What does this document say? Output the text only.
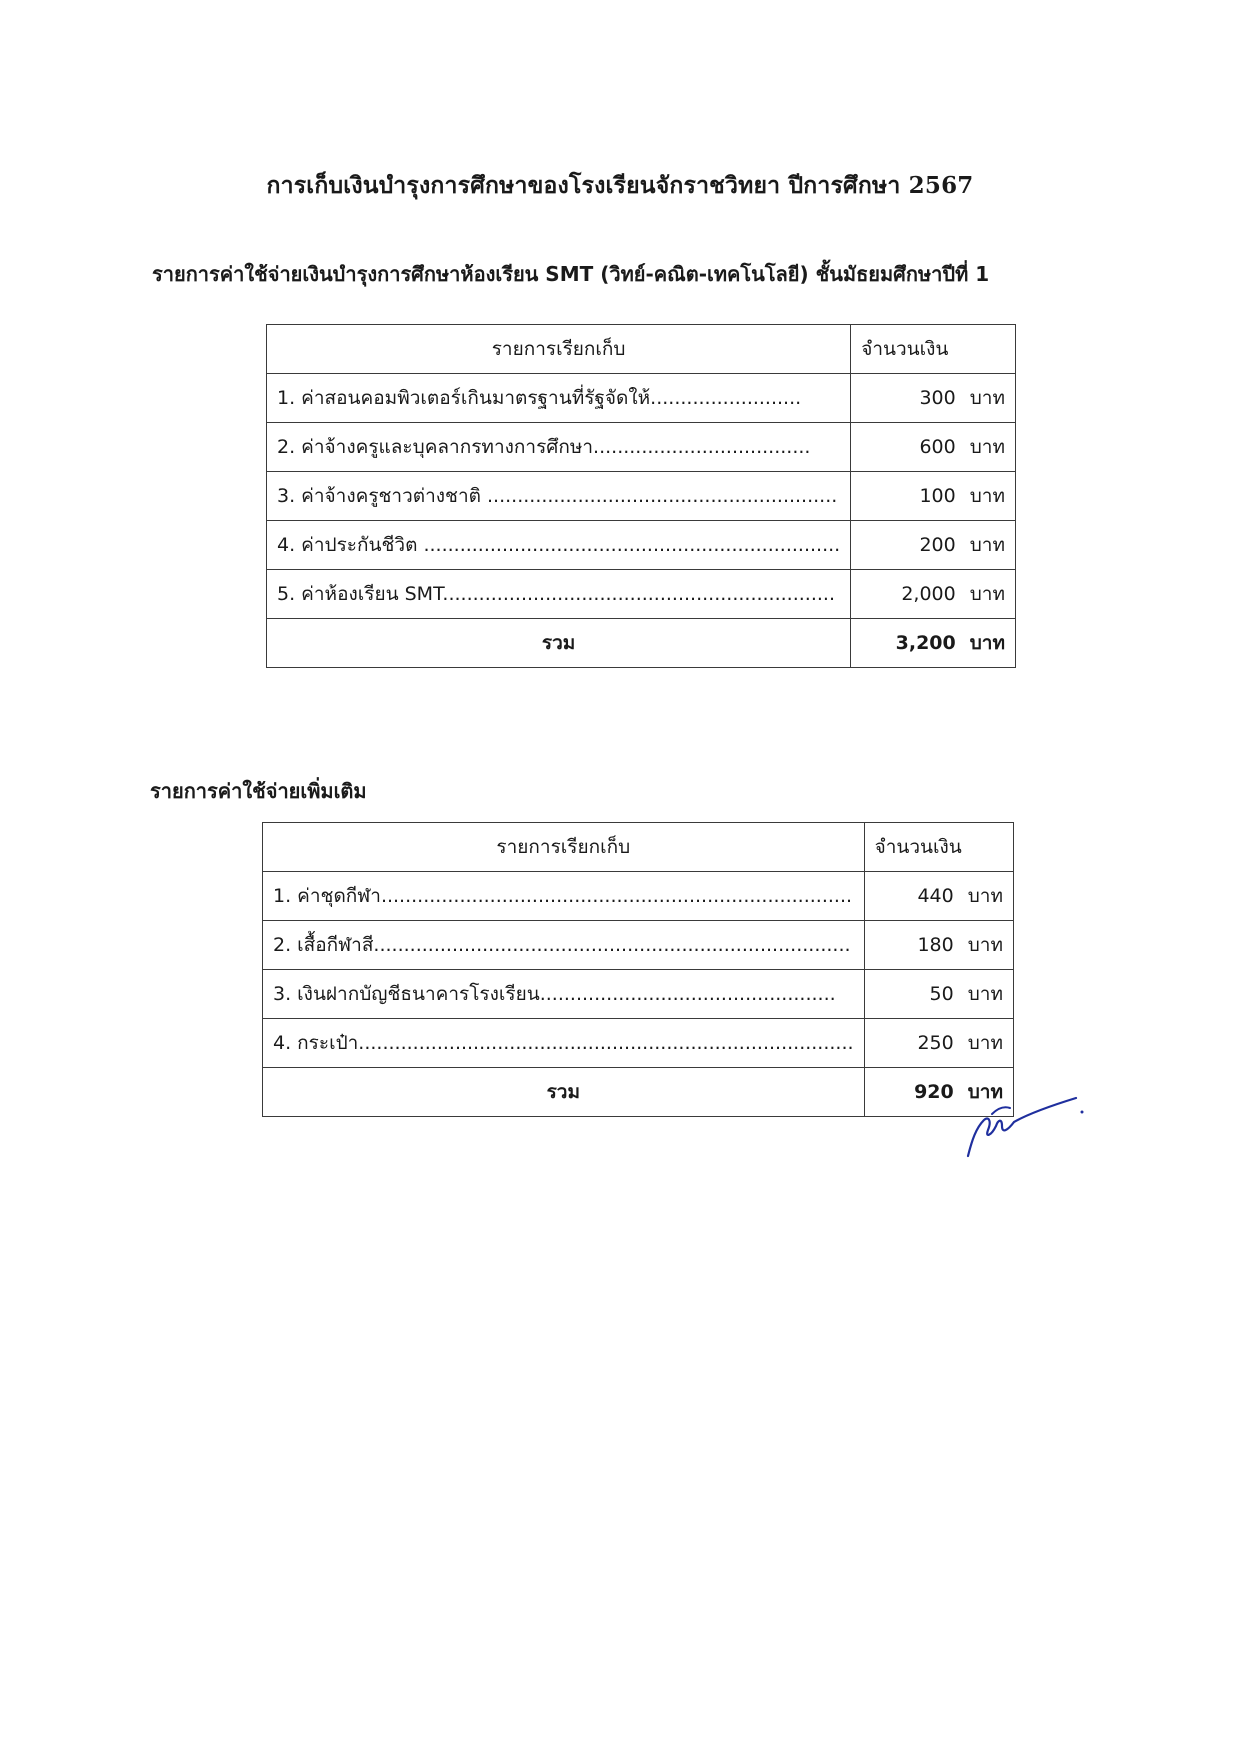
การเก็บเงินบำรุงการศึกษาของโรงเรียนจักราชวิทยา ปีการศึกษา 2567
รายการค่าใช้จ่ายเงินบำรุงการศึกษาห้องเรียน SMT (วิทย์-คณิต-เทคโนโลยี) ชั้นมัธยมศึกษาปีที่ 1
รายการเรียกเก็บ	จำนวนเงิน
1. ค่าสอนคอมพิวเตอร์เกินมาตรฐานที่รัฐจัดให้.........................	300 บาท
2. ค่าจ้างครูและบุคลากรทางการศึกษา....................................	600 บาท
3. ค่าจ้างครูชาวต่างชาติ ..........................................................	100 บาท
4. ค่าประกันชีวิต .....................................................................	200 บาท
5. ค่าห้องเรียน SMT.................................................................	2,000 บาท
รวม	3,200 บาท
รายการค่าใช้จ่ายเพิ่มเติม
รายการเรียกเก็บ	จำนวนเงิน
1. ค่าชุดกีฬา..............................................................................	440 บาท
2. เสื้อกีฬาสี...............................................................................	180 บาท
3. เงินฝากบัญชีธนาคารโรงเรียน.................................................	50 บาท
4. กระเป๋า..................................................................................	250 บาท
รวม	920 บาท
